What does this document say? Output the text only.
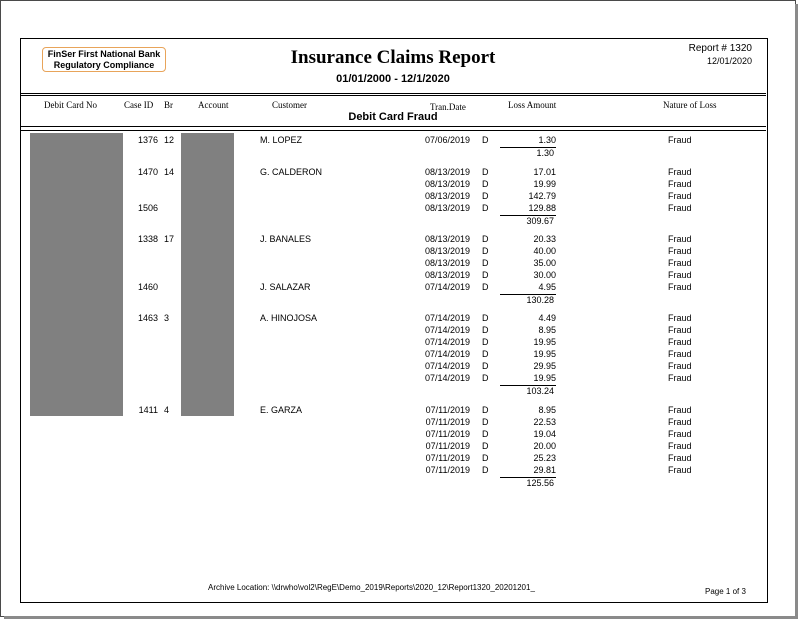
FinSer First National Bank
Regulatory Compliance	Insurance Claims Report
01/01/2000 - 12/1/2020
Report # 1320
12/01/2020
Debit Card No	Case ID Br	Account	Customer	Tran.Date	Loss Amount	Nature of Loss
Debit Card Fraud
1376 12	M. LOPEZ	07/06/2019 D	1.30	Fraud
1.30
1470 14	G. CALDERON	08/13/2019 D	17.01	Fraud
08/13/2019 D	19.99	Fraud
08/13/2019 D	142.79	Fraud
1506	08/13/2019 D	129.88	Fraud
309.67
1338 17	J. BANALES	08/13/2019 D	20.33	Fraud
08/13/2019 D	40.00	Fraud
08/13/2019 D	35.00	Fraud
08/13/2019 D	30.00	Fraud
1460	J. SALAZAR	07/14/2019 D	4.95	Fraud
130.28
1463 3	A. HINOJOSA	07/14/2019 D	4.49	Fraud
07/14/2019 D	8.95	Fraud
07/14/2019 D	19.95	Fraud
07/14/2019 D	19.95	Fraud
07/14/2019 D	29.95	Fraud
07/14/2019 D	19.95	Fraud
103.24
1411 4	E. GARZA	07/11/2019 D	8.95	Fraud
07/11/2019 D	22.53	Fraud
07/11/2019 D	19.04	Fraud
07/11/2019 D	20.00	Fraud
07/11/2019 D	25.23	Fraud
07/11/2019 D	29.81	Fraud
125.56
Archive Location: \\drwho\vol2\RegE\Demo_2019\Reports\2020_12\Report1320_20201201_	Page 1 of 3
